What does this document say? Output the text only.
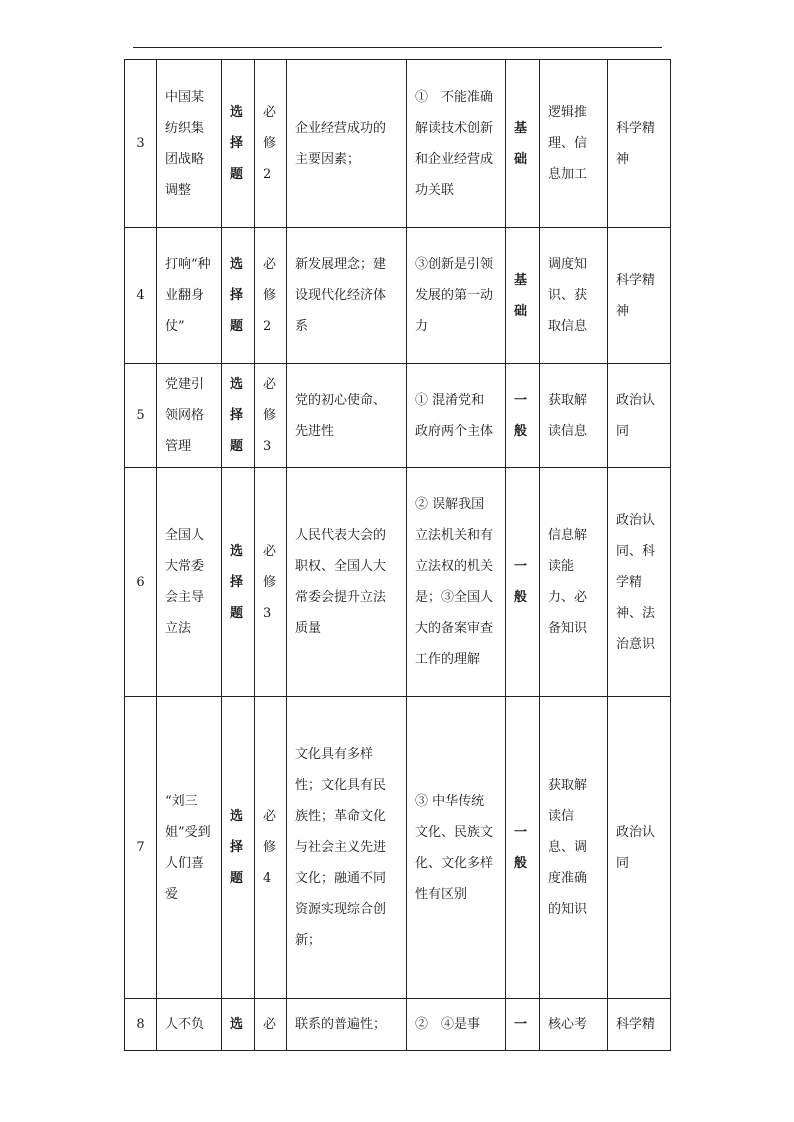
3	中国某纺织集团战略调整	选择题	必修2	企业经营成功的主要因素；	①　不能准确解读技术创新和企业经营成功关联	基础	逻辑推理、信息加工	科学精神
4	打响“种业翻身仗”	选择题	必修2	新发展理念；建设现代化经济体系	③创新是引领发展的第一动力	基础	调度知识、获取信息	科学精神
5	党建引领网格管理	选择题	必修3	党的初心使命、先进性	① 混淆党和政府两个主体	一般	获取解读信息	政治认同
6	全国人大常委会主导立法	选择题	必修3	人民代表大会的职权、全国人大常委会提升立法质量	② 误解我国立法机关和有立法权的机关是；③全国人大的备案审查工作的理解	一般	信息解读能力、必备知识	政治认同、科学精神、法治意识
7	“刘三姐”受到人们喜爱	选择题	必修4	文化具有多样性；文化具有民族性；革命文化与社会主义先进文化；融通不同资源实现综合创新；	③ 中华传统文化、民族文化、文化多样性有区别	一般	获取解读信息、调度准确的知识	政治认同
8	人不负	选	必	联系的普遍性；	②　④是事	一	核心考	科学精
